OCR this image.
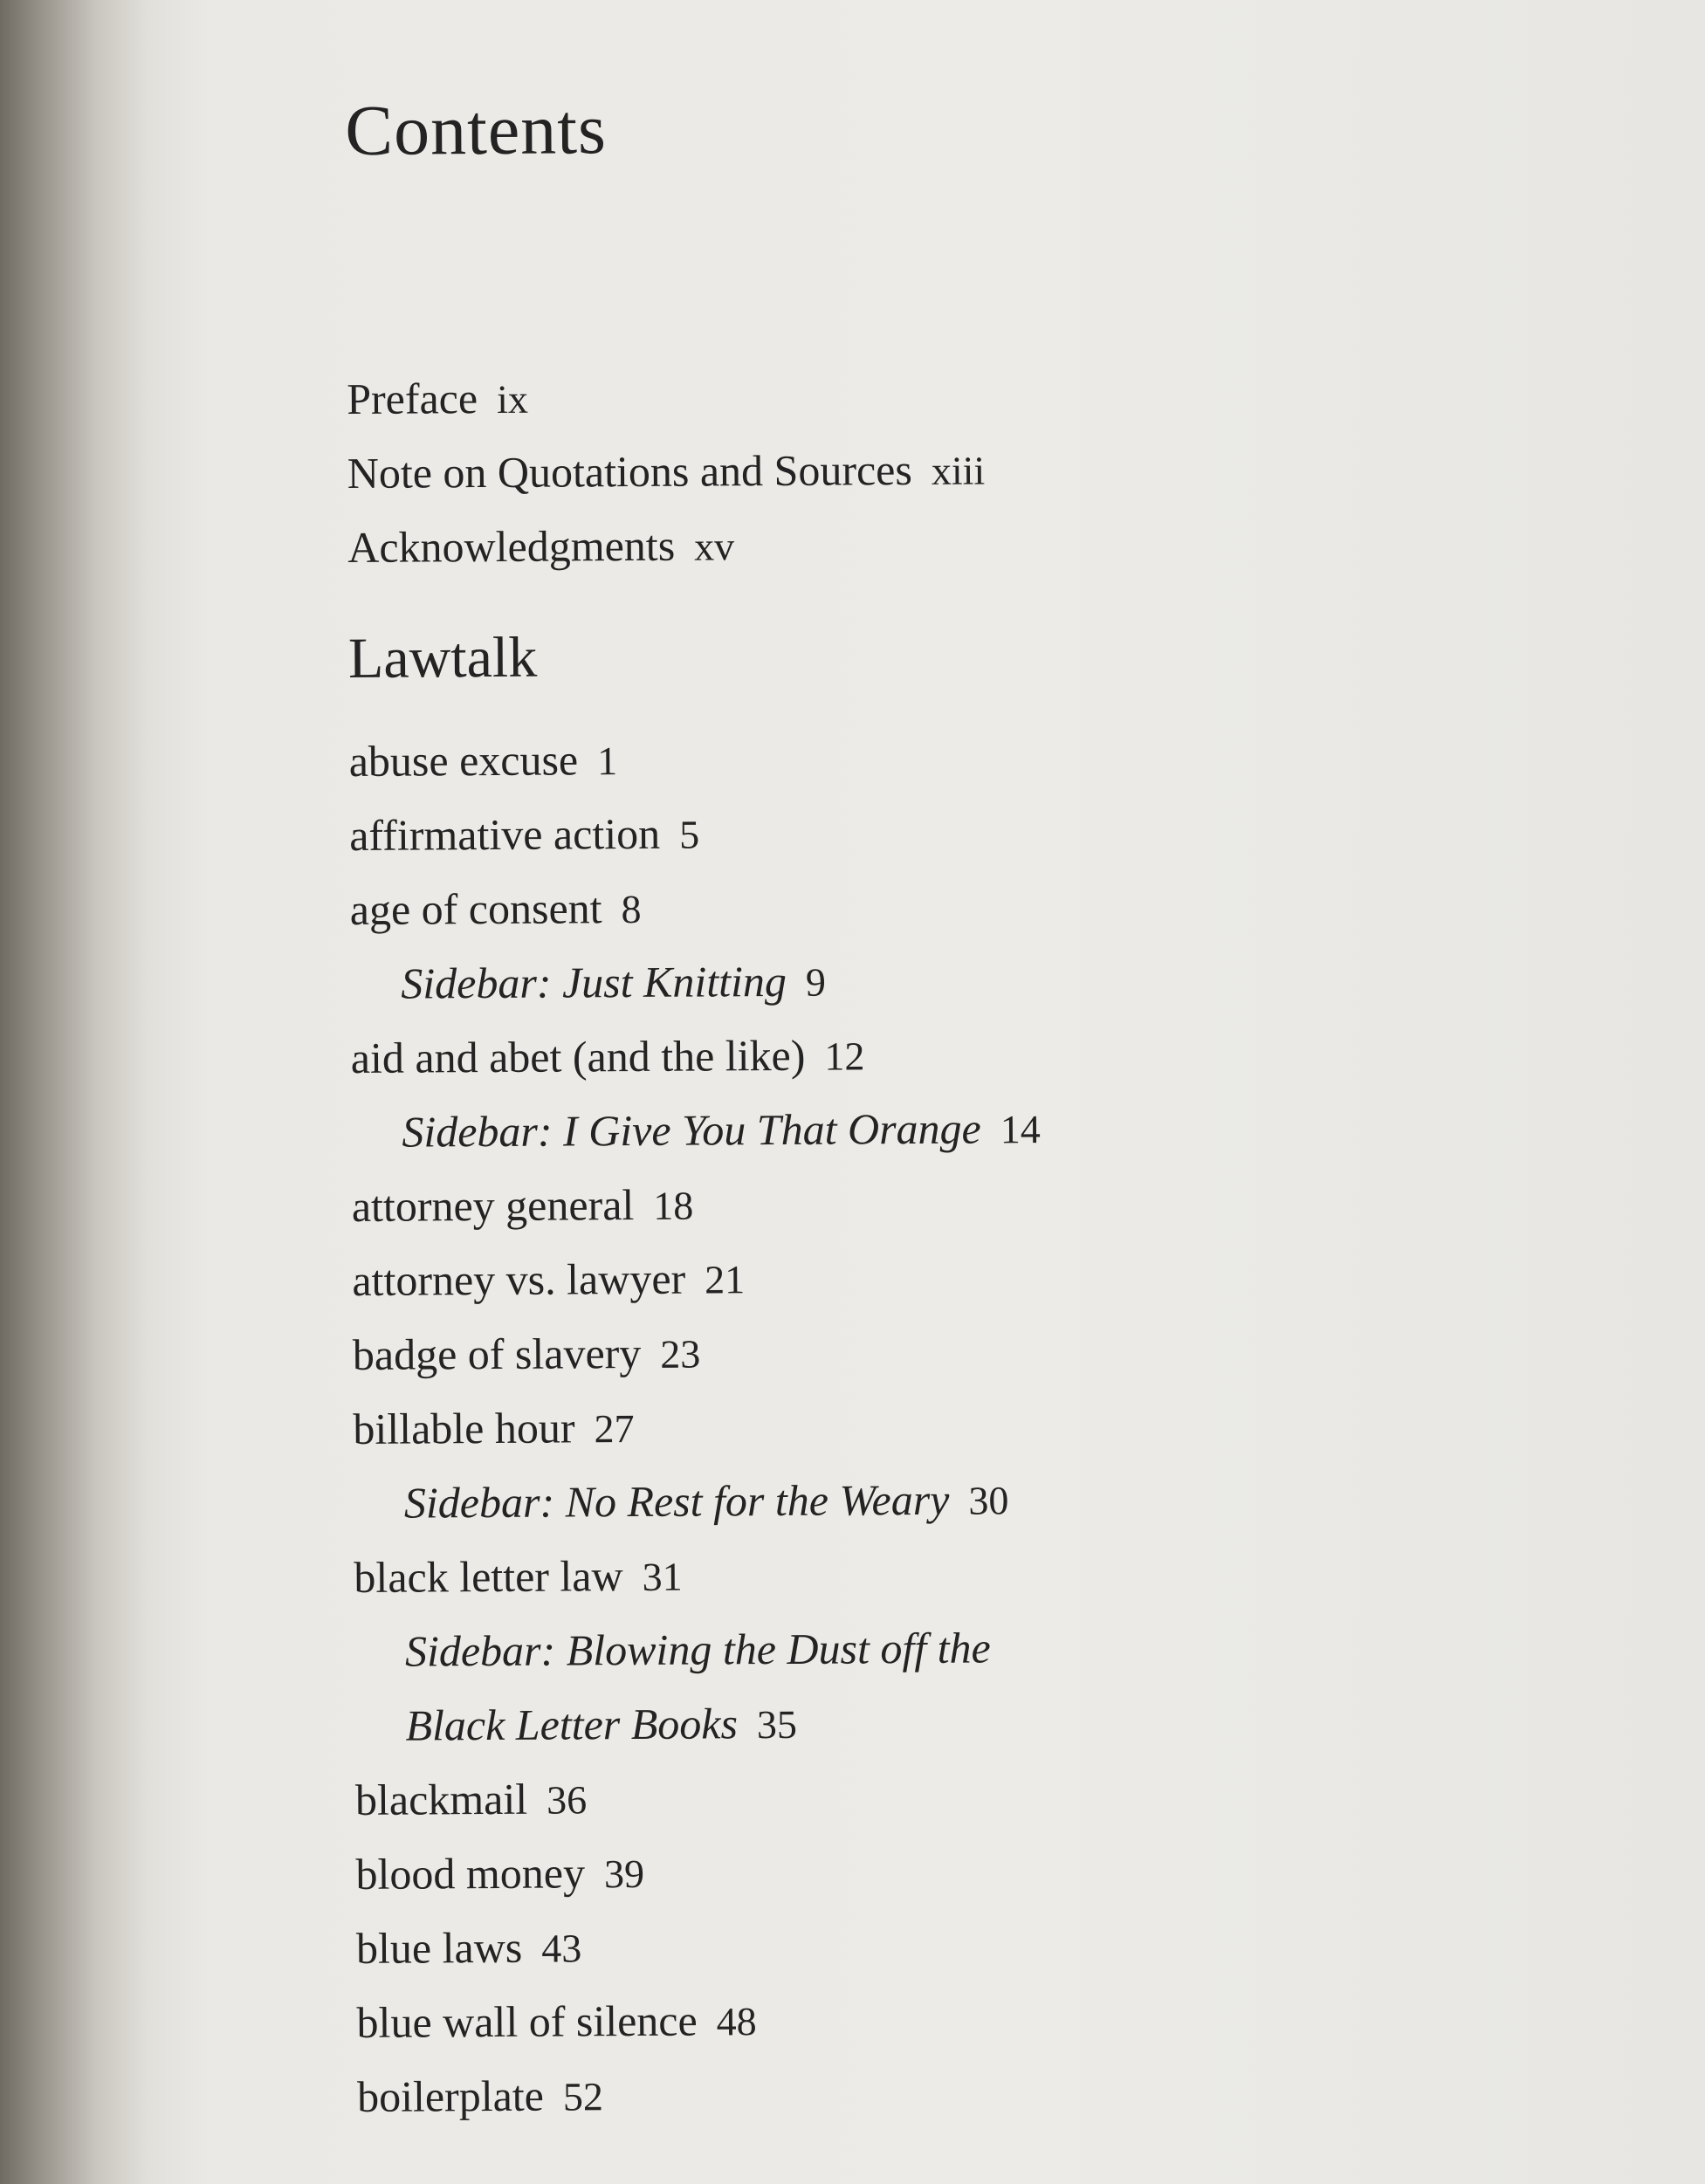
Contents
Preface ix
Note on Quotations and Sources xiii
Acknowledgments xv
Lawtalk
abuse excuse 1
affirmative action 5
age of consent 8
Sidebar: Just Knitting 9
aid and abet (and the like) 12
Sidebar: I Give You That Orange 14
attorney general 18
attorney vs. lawyer 21
badge of slavery 23
billable hour 27
Sidebar: No Rest for the Weary 30
black letter law 31
Sidebar: Blowing the Dust off the
Black Letter Books 35
blackmail 36
blood money 39
blue laws 43
blue wall of silence 48
boilerplate 52
